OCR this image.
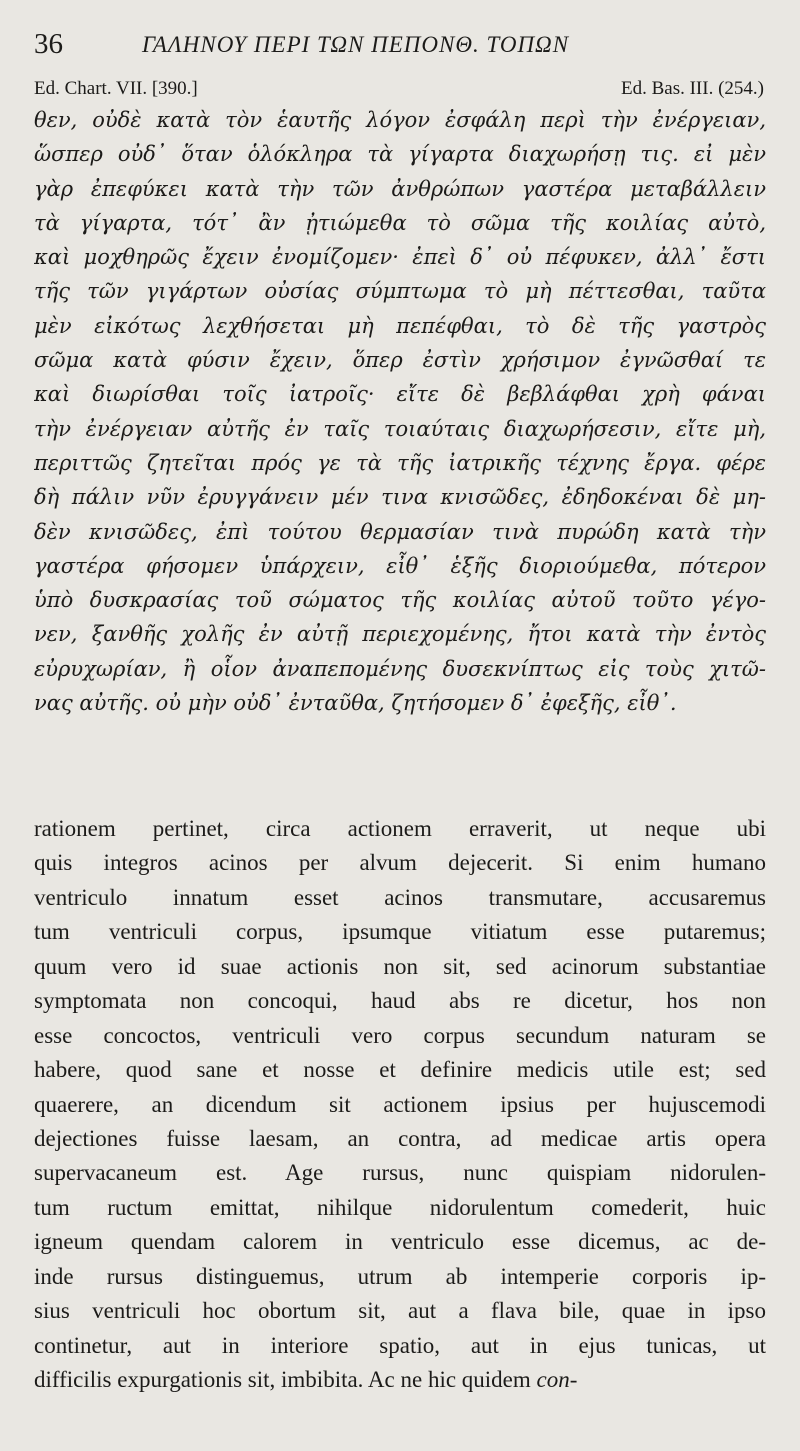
36	ΓΑΛΗΝΟΥ ΠΕΡΙ ΤΩΝ ΠΕΠΟΝΘ. ΤΟΠΩΝ
Ed. Chart. VII. [390.]	Ed. Bas. III. (254.)
θεν, οὐδὲ κατὰ τὸν ἑαυτῆς λόγον ἐσφάλη περὶ τὴν ἐνέργειαν,
ὥσπερ οὐδ᾽ ὅταν ὁλόκληρα τὰ γίγαρτα διαχωρήσῃ τις. εἰ μὲν
γὰρ ἐπεφύκει κατὰ τὴν τῶν ἀνθρώπων γαστέρα μεταβάλλειν
τὰ γίγαρτα, τότ᾽ ἂν ᾐτιώμεθα τὸ σῶμα τῆς κοιλίας αὐτὸ,
καὶ μοχθηρῶς ἔχειν ἐνομίζομεν· ἐπεὶ δ᾽ οὐ πέφυκεν, ἀλλ᾽ ἔστι
τῆς τῶν γιγάρτων οὐσίας σύμπτωμα τὸ μὴ πέττεσθαι, ταῦτα
μὲν εἰκότως λεχθήσεται μὴ πεπέφθαι, τὸ δὲ τῆς γαστρὸς
σῶμα κατὰ φύσιν ἔχειν, ὅπερ ἐστὶν χρήσιμον ἐγνῶσθαί τε
καὶ διωρίσθαι τοῖς ἰατροῖς· εἴτε δὲ βεβλάφθαι χρὴ φάναι
τὴν ἐνέργειαν αὐτῆς ἐν ταῖς τοιαύταις διαχωρήσεσιν, εἴτε μὴ,
περιττῶς ζητεῖται πρός γε τὰ τῆς ἰατρικῆς τέχνης ἔργα. φέρε
δὴ πάλιν νῦν ἐρυγγάνειν μέν τινα κνισῶδες, ἐδηδοκέναι δὲ μη-
δὲν κνισῶδες, ἐπὶ τούτου θερμασίαν τινὰ πυρώδη κατὰ τὴν
γαστέρα φήσομεν ὑπάρχειν, εἶθ᾽ ἑξῆς διοριούμεθα, πότερον
ὑπὸ δυσκρασίας τοῦ σώματος τῆς κοιλίας αὐτοῦ τοῦτο γέγο-
νεν, ξανθῆς χολῆς ἐν αὐτῇ περιεχομένης, ἤτοι κατὰ τὴν ἐντὸς
εὐρυχωρίαν, ἢ οἷον ἀναπεπομένης δυσεκνίπτως εἰς τοὺς χιτῶ-
νας αὐτῆς. οὐ μὴν οὐδ᾽ ἐνταῦθα, ζητήσομεν δ᾽ ἐφεξῆς, εἶθ᾽.
rationem pertinet, circa actionem erraverit, ut neque ubi
quis integros acinos per alvum dejecerit. Si enim humano
ventriculo innatum esset acinos transmutare, accusaremus
tum ventriculi corpus, ipsumque vitiatum esse putaremus;
quum vero id suae actionis non sit, sed acinorum substantiae
symptomata non concoqui, haud abs re dicetur, hos non
esse concoctos, ventriculi vero corpus secundum naturam se
habere, quod sane et nosse et definire medicis utile est; sed
quaerere, an dicendum sit actionem ipsius per hujuscemodi
dejectiones fuisse laesam, an contra, ad medicae artis opera
supervacaneum est. Age rursus, nunc quispiam nidorulen-
tum ructum emittat, nihilque nidorulentum comederit, huic
igneum quendam calorem in ventriculo esse dicemus, ac de-
inde rursus distinguemus, utrum ab intemperie corporis ip-
sius ventriculi hoc obortum sit, aut a flava bile, quae in ipso
continetur, aut in interiore spatio, aut in ejus tunicas, ut
difficilis expurgationis sit, imbibita. Ac ne hic quidem con-
